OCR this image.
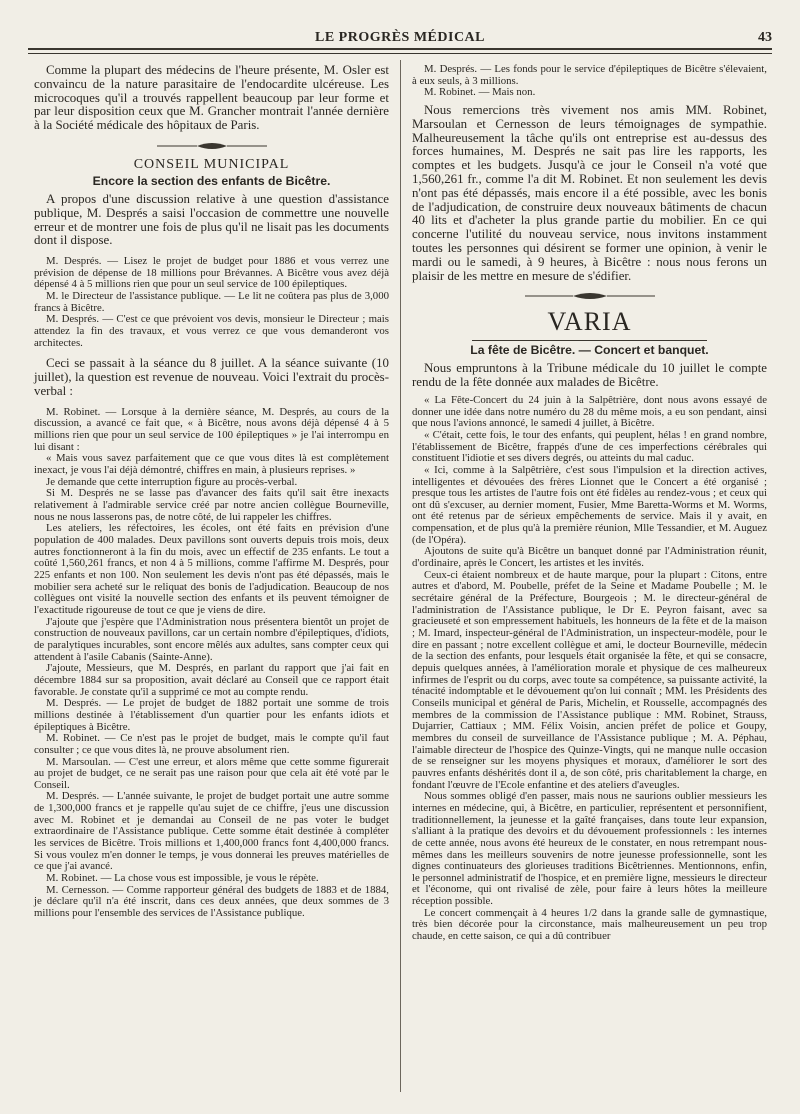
LE PROGRÈS MÉDICAL	43

Comme la plupart des médecins de l'heure présente, M. Osler est convaincu de la nature parasitaire de l'endocardite ulcéreuse. Les microcoques qu'il a trouvés rappellent beaucoup par leur forme et par leur disposition ceux que M. Grancher montrait l'année dernière à la Société médicale des hôpitaux de Paris.

CONSEIL MUNICIPAL
Encore la section des enfants de Bicêtre.

A propos d'une discussion relative à une question d'assistance publique, M. Després a saisi l'occasion de commettre une nouvelle erreur et de montrer une fois de plus qu'il ne lisait pas les documents dont il dispose.

M. Després. — Lisez le projet de budget pour 1886 et vous verrez une prévision de dépense de 18 millions pour Brévannes. A Bicêtre vous avez déjà dépensé 4 à 5 millions rien que pour un seul service de 100 épileptiques.

M. le Directeur de l'assistance publique. — Le lit ne coûtera pas plus de 3,000 francs à Bicêtre.

M. Després. — C'est ce que prévoient vos devis, monsieur le Directeur ; mais attendez la fin des travaux, et vous verrez ce que vous demanderont vos architectes.

Ceci se passait à la séance du 8 juillet. A la séance suivante (10 juillet), la question est revenue de nouveau. Voici l'extrait du procès-verbal :

M. Robinet. — Lorsque à la dernière séance, M. Després, au cours de la discussion, a avancé ce fait que, « à Bicêtre, nous avons déjà dépensé 4 à 5 millions rien que pour un seul service de 100 épileptiques » je l'ai interrompu en lui disant :

« Mais vous savez parfaitement que ce que vous dites là est complètement inexact, je vous l'ai déjà démontré, chiffres en main, à plusieurs reprises. »

Je demande que cette interruption figure au procès-verbal.

Si M. Després ne se lasse pas d'avancer des faits qu'il sait être inexacts relativement à l'admirable service créé par notre ancien collègue Bourneville, nous ne nous lasserons pas, de notre côté, de lui rappeler les chiffres.

Les ateliers, les réfectoires, les écoles, ont été faits en prévision d'une population de 400 malades. Deux pavillons sont ouverts depuis trois mois, deux autres fonctionneront à la fin du mois, avec un effectif de 235 enfants. Le tout a coûté 1,560,261 francs, et non 4 à 5 millions, comme l'affirme M. Després, pour 225 enfants et non 100. Non seulement les devis n'ont pas été dépassés, mais le mobilier sera acheté sur le reliquat des bonis de l'adjudication. Beaucoup de nos collègues ont visité la nouvelle section des enfants et ils peuvent témoigner de l'exactitude rigoureuse de tout ce que je viens de dire.

J'ajoute que j'espère que l'Administration nous présentera bientôt un projet de construction de nouveaux pavillons, car un certain nombre d'épileptiques, d'idiots, de paralytiques incurables, sont encore mêlés aux adultes, sans compter ceux qui attendent à l'asile Cabanis (Sainte-Anne).

J'ajoute, Messieurs, que M. Després, en parlant du rapport que j'ai fait en décembre 1884 sur sa proposition, avait déclaré au Conseil que ce rapport était favorable. Je constate qu'il a supprimé ce mot au compte rendu.

M. Després. — Le projet de budget de 1882 portait une somme de trois millions destinée à l'établissement d'un quartier pour les enfants idiots et épileptiques à Bicêtre.

M. Robinet. — Ce n'est pas le projet de budget, mais le compte qu'il faut consulter ; ce que vous dites là, ne prouve absolument rien.

M. Marsoulan. — C'est une erreur, et alors même que cette somme figurerait au projet de budget, ce ne serait pas une raison pour que cela ait été voté par le Conseil.

M. Després. — L'année suivante, le projet de budget portait une autre somme de 1,300,000 francs et je rappelle qu'au sujet de ce chiffre, j'eus une discussion avec M. Robinet et je demandai au Conseil de ne pas voter le budget extraordinaire de l'Assistance publique. Cette somme était destinée à compléter les services de Bicêtre. Trois millions et 1,400,000 francs font 4,400,000 francs. Si vous voulez m'en donner le temps, je vous donnerai les preuves matérielles de ce que j'ai avancé.

M. Robinet. — La chose vous est impossible, je vous le répète.

M. Cernesson. — Comme rapporteur général des budgets de 1883 et de 1884, je déclare qu'il n'a été inscrit, dans ces deux années, que deux sommes de 3 millions pour l'ensemble des services de l'Assistance publique.

M. Després. — Les fonds pour le service d'épileptiques de Bicêtre s'élevaient, à eux seuls, à 3 millions.

M. Robinet. — Mais non.

Nous remercions très vivement nos amis MM. Robinet, Marsoulan et Cernesson de leurs témoignages de sympathie. Malheureusement la tâche qu'ils ont entreprise est au-dessus des forces humaines, M. Després ne sait pas lire les rapports, les comptes et les budgets. Jusqu'à ce jour le Conseil n'a voté que 1,560,261 fr., comme l'a dit M. Robinet. Et non seulement les devis n'ont pas été dépassés, mais encore il a été possible, avec les bonis de l'adjudication, de construire deux nouveaux bâtiments de chacun 40 lits et d'acheter la plus grande partie du mobilier. En ce qui concerne l'utilité du nouveau service, nous invitons instamment toutes les personnes qui désirent se former une opinion, à venir le mardi ou le samedi, à 9 heures, à Bicêtre : nous nous ferons un plaisir de les mettre en mesure de s'édifier.

VARIA
La fête de Bicêtre. — Concert et banquet.

Nous empruntons à la Tribune médicale du 10 juillet le compte rendu de la fête donnée aux malades de Bicêtre.

« La Fête-Concert du 24 juin à la Salpêtrière, dont nous avons essayé de donner une idée dans notre numéro du 28 du même mois, a eu son pendant, ainsi que nous l'avions annoncé, le samedi 4 juillet, à Bicêtre.

« C'était, cette fois, le tour des enfants, qui peuplent, hélas ! en grand nombre, l'établissement de Bicêtre, frappés d'une de ces imperfections cérébrales qui constituent l'idiotie et ses divers degrés, ou atteints du mal caduc.

« Ici, comme à la Salpêtrière, c'est sous l'impulsion et la direction actives, intelligentes et dévouées des frères Lionnet que le Concert a été organisé ; presque tous les artistes de l'autre fois ont été fidèles au rendez-vous ; et ceux qui ont dû s'excuser, au dernier moment, Fusier, Mme Baretta-Worms et M. Worms, ont été retenus par de sérieux empêchements de service. Mais il y avait, en compensation, et de plus qu'à la première réunion, Mlle Tessandier, et M. Auguez (de l'Opéra).

Ajoutons de suite qu'à Bicêtre un banquet donné par l'Administration réunit, d'ordinaire, après le Concert, les artistes et les invités.

Ceux-ci étaient nombreux et de haute marque, pour la plupart : Citons, entre autres et d'abord, M. Poubelle, préfet de la Seine et Madame Poubelle ; M. le secrétaire général de la Préfecture, Bourgeois ; M. le directeur-général de l'administration de l'Assistance publique, le Dr E. Peyron faisant, avec sa gracieuseté et son empressement habituels, les honneurs de la fête et de la maison ; M. Imard, inspecteur-général de l'Administration, un inspecteur-modèle, pour le dire en passant ; notre excellent collègue et ami, le docteur Bourneville, médecin de la section des enfants, pour lesquels était organisée la fête, et qui se consacre, depuis quelques années, à l'amélioration morale et physique de ces malheureux infirmes de l'esprit ou du corps, avec toute sa compétence, sa puissante activité, la ténacité indomptable et le dévouement qu'on lui connaît ; MM. les Présidents des Conseils municipal et général de Paris, Michelin, et Rousselle, accompagnés des membres de la commission de l'Assistance publique : MM. Robinet, Strauss, Dujarrier, Cattiaux ; MM. Félix Voisin, ancien préfet de police et Goupy, membres du conseil de surveillance de l'Assistance publique ; M. A. Péphau, l'aimable directeur de l'hospice des Quinze-Vingts, qui ne manque nulle occasion de se renseigner sur les moyens physiques et moraux, d'améliorer le sort des pauvres enfants déshérités dont il a, de son côté, pris charitablement la charge, en fondant l'œuvre de l'Ecole enfantine et des ateliers d'aveugles.

Nous sommes obligé d'en passer, mais nous ne saurions oublier messieurs les internes en médecine, qui, à Bicêtre, en particulier, représentent et personnifient, traditionnellement, la jeunesse et la gaîté françaises, dans toute leur expansion, s'alliant à la pratique des devoirs et du dévouement professionnels : les internes de cette année, nous avons été heureux de le constater, en nous retrempant nous-mêmes dans les meilleurs souvenirs de notre jeunesse professionnelle, sont les dignes continuateurs des glorieuses traditions Bicêtriennes. Mentionnons, enfin, le personnel administratif de l'hospice, et en première ligne, messieurs le directeur et l'économe, qui ont rivalisé de zèle, pour faire à leurs hôtes la meilleure réception possible.

Le concert commençait à 4 heures 1/2 dans la grande salle de gymnastique, très bien décorée pour la circonstance, mais malheureusement un peu trop chaude, en cette saison, ce qui a dû contribuer
